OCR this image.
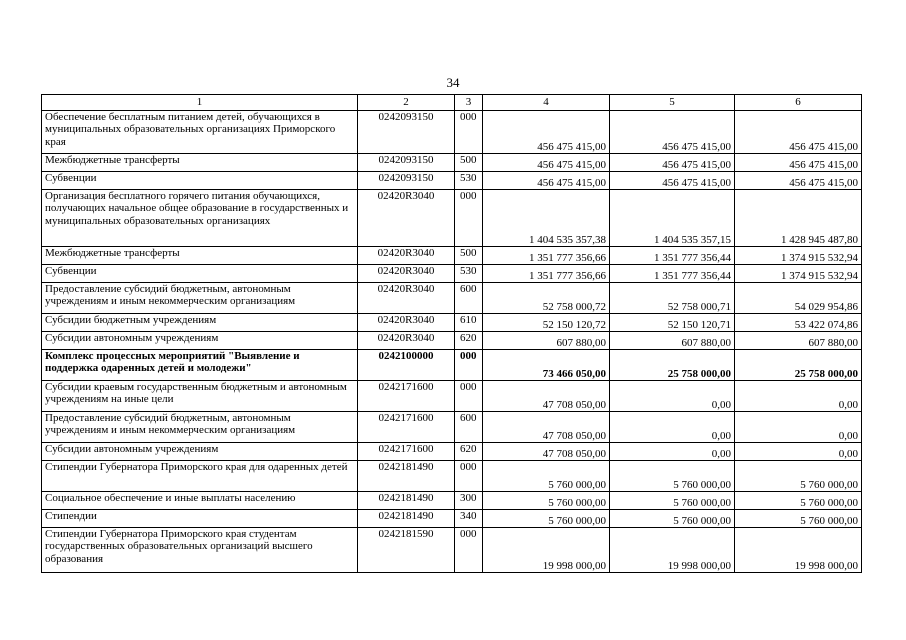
34
1	2	3	4	5	6
Обеспечение бесплатным питанием детей, обучающихся в муниципальных образовательных организациях Приморского края	0242093150	000	456 475 415,00	456 475 415,00	456 475 415,00
Межбюджетные трансферты	0242093150	500	456 475 415,00	456 475 415,00	456 475 415,00
Субвенции	0242093150	530	456 475 415,00	456 475 415,00	456 475 415,00
Организация бесплатного горячего питания обучающихся, получающих начальное общее образование в государственных и муниципальных образовательных организациях	02420R3040	000	1 404 535 357,38	1 404 535 357,15	1 428 945 487,80
Межбюджетные трансферты	02420R3040	500	1 351 777 356,66	1 351 777 356,44	1 374 915 532,94
Субвенции	02420R3040	530	1 351 777 356,66	1 351 777 356,44	1 374 915 532,94
Предоставление субсидий бюджетным, автономным учреждениям и иным некоммерческим организациям	02420R3040	600	52 758 000,72	52 758 000,71	54 029 954,86
Субсидии бюджетным учреждениям	02420R3040	610	52 150 120,72	52 150 120,71	53 422 074,86
Субсидии автономным учреждениям	02420R3040	620	607 880,00	607 880,00	607 880,00
Комплекс процессных мероприятий "Выявление и поддержка одаренных детей и молодежи"	0242100000	000	73 466 050,00	25 758 000,00	25 758 000,00
Субсидии краевым государственным бюджетным и автономным учреждениям на иные цели	0242171600	000	47 708 050,00	0,00	0,00
Предоставление субсидий бюджетным, автономным учреждениям и иным некоммерческим организациям	0242171600	600	47 708 050,00	0,00	0,00
Субсидии автономным учреждениям	0242171600	620	47 708 050,00	0,00	0,00
Стипендии Губернатора Приморского края для одаренных детей	0242181490	000	5 760 000,00	5 760 000,00	5 760 000,00
Социальное обеспечение и иные выплаты населению	0242181490	300	5 760 000,00	5 760 000,00	5 760 000,00
Стипендии	0242181490	340	5 760 000,00	5 760 000,00	5 760 000,00
Стипендии Губернатора Приморского края студентам государственных образовательных организаций высшего образования	0242181590	000	19 998 000,00	19 998 000,00	19 998 000,00
